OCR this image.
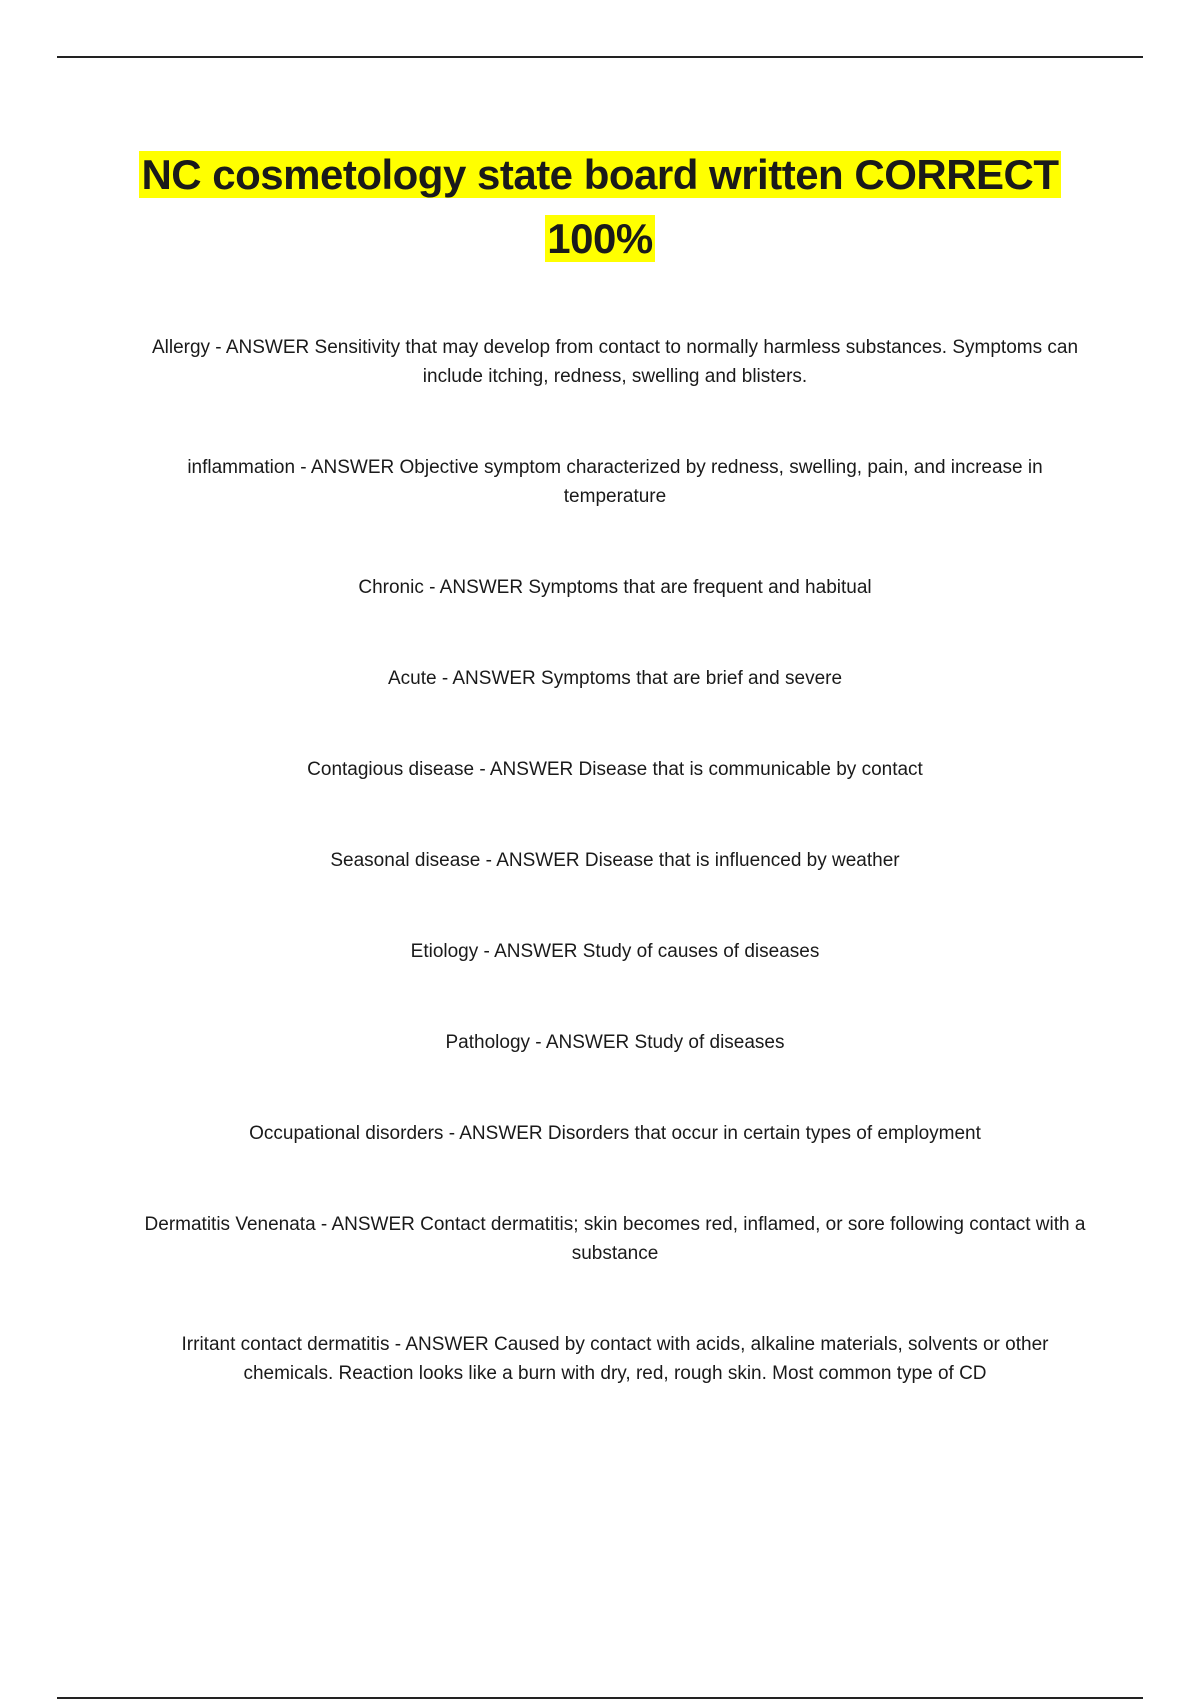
NC cosmetology state board written CORRECT 100%

Allergy - ANSWER Sensitivity that may develop from contact to normally harmless substances. Symptoms can include itching, redness, swelling and blisters.

inflammation - ANSWER Objective symptom characterized by redness, swelling, pain, and increase in temperature

Chronic - ANSWER Symptoms that are frequent and habitual

Acute - ANSWER Symptoms that are brief and severe

Contagious disease - ANSWER Disease that is communicable by contact

Seasonal disease - ANSWER Disease that is influenced by weather

Etiology - ANSWER Study of causes of diseases

Pathology - ANSWER Study of diseases

Occupational disorders - ANSWER Disorders that occur in certain types of employment

Dermatitis Venenata - ANSWER Contact dermatitis; skin becomes red, inflamed, or sore following contact with a substance

Irritant contact dermatitis - ANSWER Caused by contact with acids, alkaline materials, solvents or other chemicals. Reaction looks like a burn with dry, red, rough skin. Most common type of CD
